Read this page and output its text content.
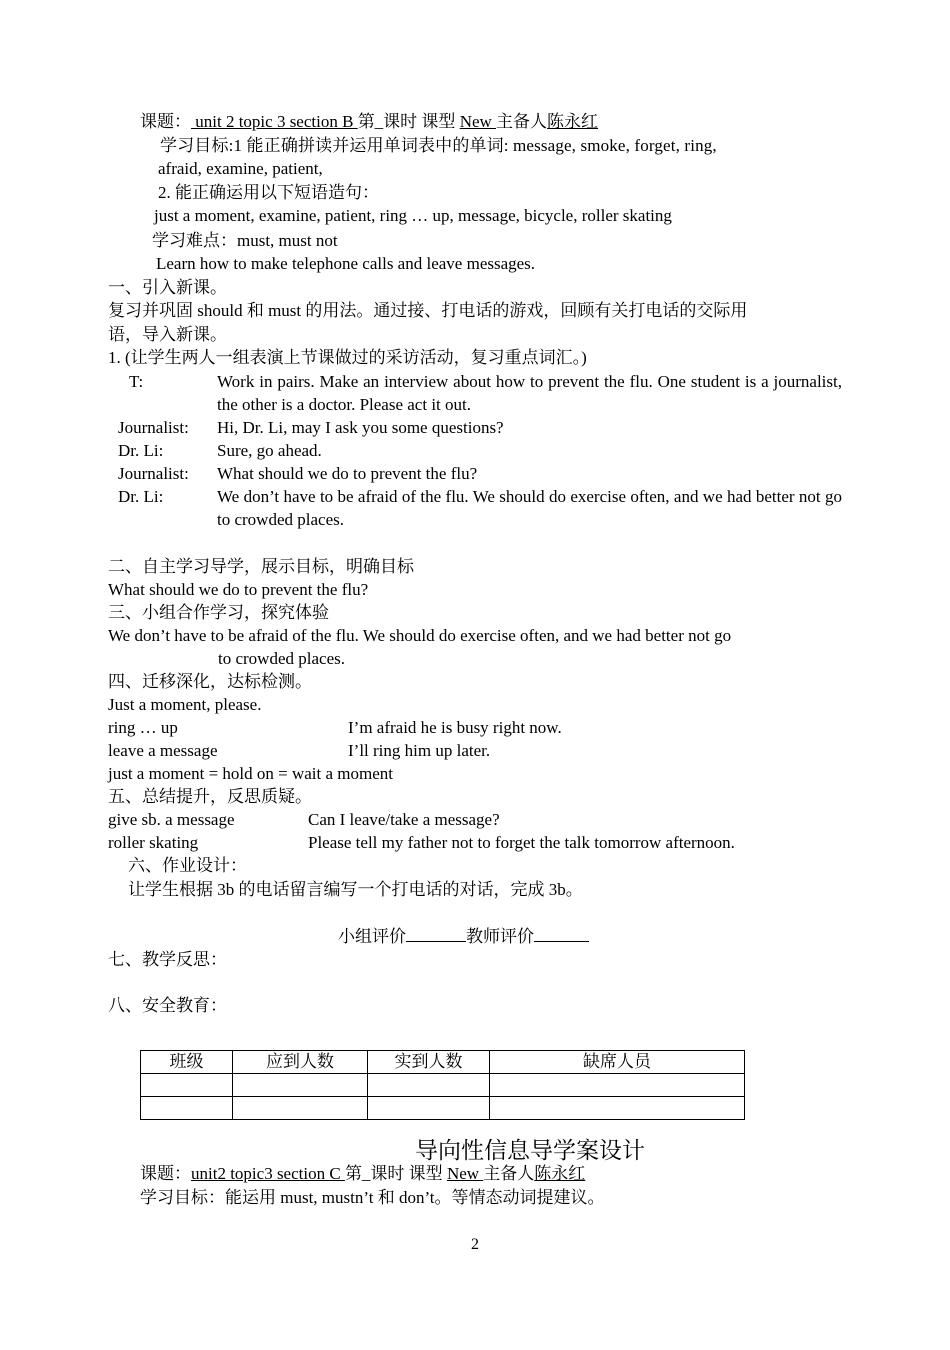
课题： unit 2 topic 3 section B 第_课时 课型 New 主备人陈永红
学习目标:1 能正确拼读并运用单词表中的单词: message, smoke, forget, ring,
afraid, examine, patient,
2. 能正确运用以下短语造句：
just a moment, examine, patient, ring … up, message, bicycle, roller skating
学习难点：must, must not
Learn how to make telephone calls and leave messages.
一、引入新课。
复习并巩固 should 和 must 的用法。通过接、打电话的游戏，回顾有关打电话的交际用
语，导入新课。
1. (让学生两人一组表演上节课做过的采访活动，复习重点词汇。)
T:	Work in pairs. Make an interview about how to prevent the flu. One student is a journalist, the other is a doctor. Please act it out.
Journalist: Hi, Dr. Li, may I ask you some questions?
Dr. Li:	Sure, go ahead.
Journalist: What should we do to prevent the flu?
Dr. Li:	We don’t have to be afraid of the flu. We should do exercise often, and we had better not go to crowded places.
二、自主学习导学，展示目标，明确目标
What should we do to prevent the flu?
三、小组合作学习，探究体验
We don’t have to be afraid of the flu. We should do exercise often, and we had better not go
to crowded places.
四、迁移深化，达标检测。
Just a moment, please.
ring … up	I’m afraid he is busy right now.
leave a message	I’ll ring him up later.
just a moment = hold on = wait a moment
五、总结提升，反思质疑。
give sb. a message	Can I leave/take a message?
roller skating	Please tell my father not to forget the talk tomorrow afternoon.
六、作业设计：
让学生根据 3b 的电话留言编写一个打电话的对话，完成 3b。
小组评价	教师评价
七、教学反思：
八、安全教育：
班级	应到人数	实到人数	缺席人员

导向性信息导学案设计
课题：unit2 topic3 section C 第_课时 课型 New 主备人陈永红
学习目标：能运用 must, mustn’t 和 don’t。等情态动词提建议。
2
